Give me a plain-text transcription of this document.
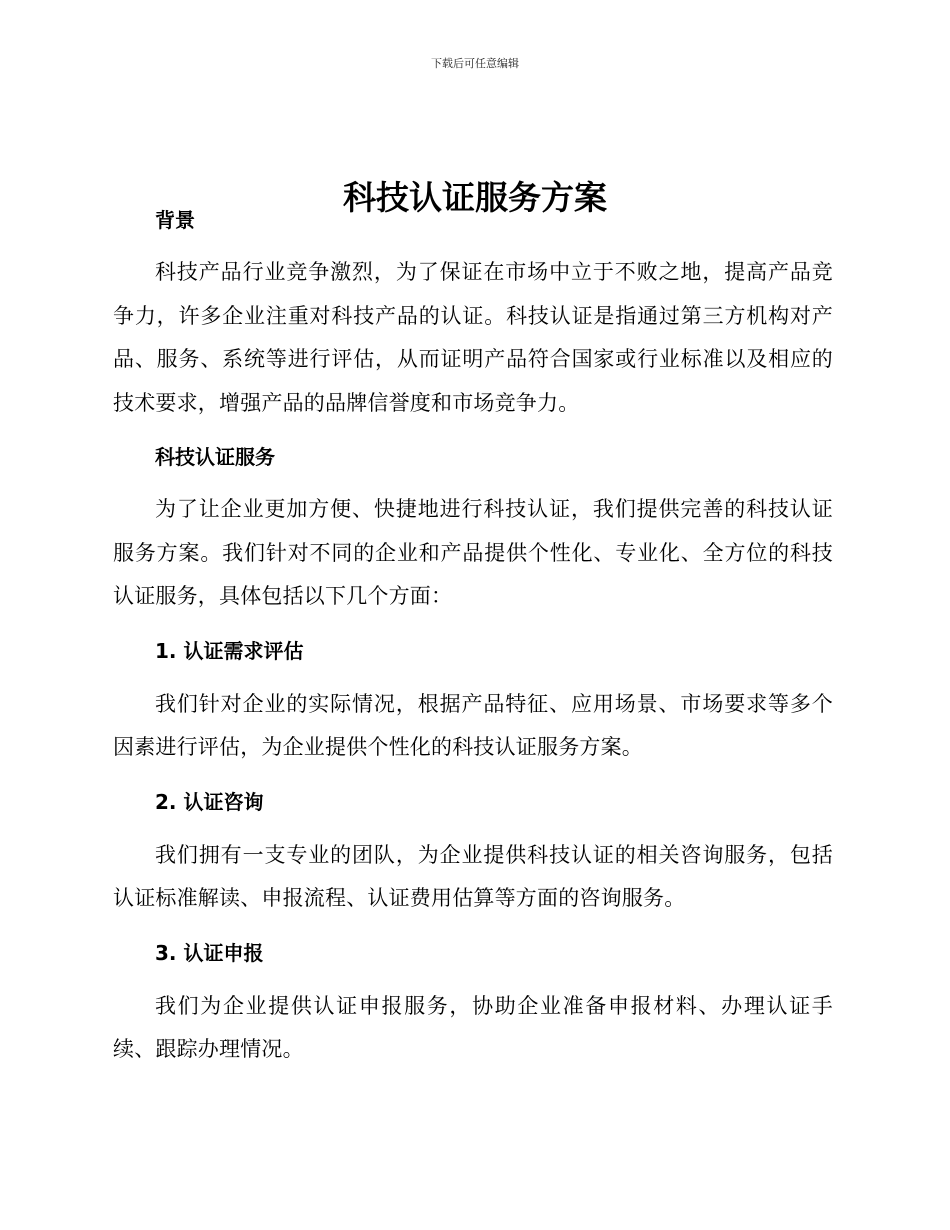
下载后可任意编辑
科技认证服务方案
背景

科技产品行业竞争激烈，为了保证在市场中立于不败之地，提高产品竞争力，许多企业注重对科技产品的认证。科技认证是指通过第三方机构对产品、服务、系统等进行评估，从而证明产品符合国家或行业标准以及相应的技术要求，增强产品的品牌信誉度和市场竞争力。

科技认证服务

为了让企业更加方便、快捷地进行科技认证，我们提供完善的科技认证服务方案。我们针对不同的企业和产品提供个性化、专业化、全方位的科技认证服务，具体包括以下几个方面：

1. 认证需求评估

我们针对企业的实际情况，根据产品特征、应用场景、市场要求等多个因素进行评估，为企业提供个性化的科技认证服务方案。

2. 认证咨询

我们拥有一支专业的团队，为企业提供科技认证的相关咨询服务，包括认证标准解读、申报流程、认证费用估算等方面的咨询服务。

3. 认证申报

我们为企业提供认证申报服务，协助企业准备申报材料、办理认证手续、跟踪办理情况。
